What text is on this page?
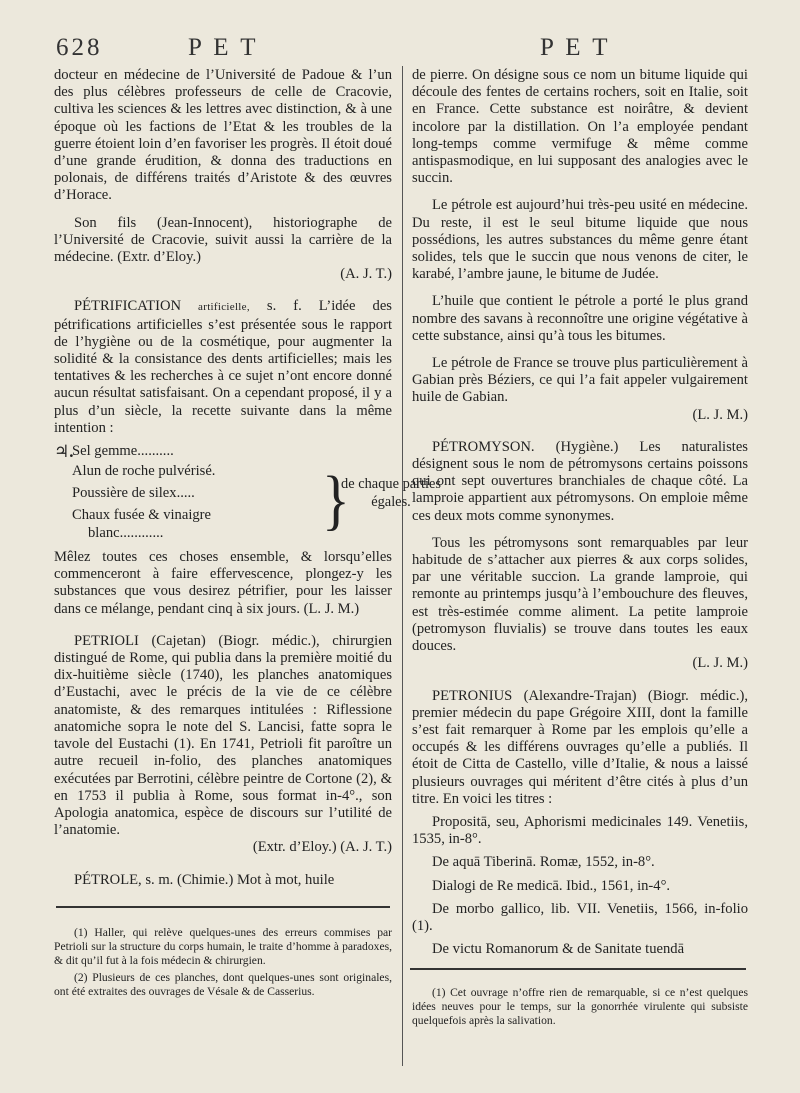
628	P E T	P E T

docteur en médecine de l’Université de Padoue & l’un des plus célèbres professeurs de celle de Cracovie, cultiva les sciences & les lettres avec distinction, & à une époque où les factions de l’Etat & les troubles de la guerre étoient loin d’en favoriser les progrès. Il étoit doué d’une grande érudition, & donna des traductions en polonais, de différens traités d’Aristote & des œuvres d’Horace.

Son fils (Jean-Innocent), historiographe de l’Université de Cracovie, suivit aussi la carrière de la médecine. (Extr. d’Eloy.)

(A. J. T.)

PÉTRIFICATION artificielle, s. f. L’idée des pétrifications artificielles s’est présentée sous le rapport de l’hygiène ou de la cosmétique, pour augmenter la solidité & la consistance des dents artificielles; mais les tentatives & les recherches à ce sujet n’ont encore donné aucun résultat satisfaisant. On a cependant proposé, il y a plus d’un siècle, la recette suivante dans la même intention :

♃.
Sel gemme..........
Alun de roche pulvérisé.
Poussière de silex.....
Chaux fusée & vinaigre
blanc............	}
de chaque parties égales.

Mêlez toutes ces choses ensemble, & lorsqu’elles commenceront à faire effervescence, plongez-y les substances que vous desirez pétrifier, pour les laisser dans ce mélange, pendant cinq à six jours. (L. J. M.)

PETRIOLI (Cajetan) (Biogr. médic.), chirurgien distingué de Rome, qui publia dans la première moitié du dix-huitième siècle (1740), les planches anatomiques d’Eustachi, avec le précis de la vie de ce célèbre anatomiste, & des remarques intitulées : Riflessione anatomiche sopra le note del S. Lancisi, fatte sopra le tavole del Eustachi (1). En 1741, Petrioli fit paroître un autre recueil in-folio, des planches anatomiques exécutées par Berrotini, célèbre peintre de Cortone (2), & en 1753 il publia à Rome, sous format in-4°., son Apologia anatomica, espèce de discours sur l’utilité de l’anatomie.

(Extr. d’Eloy.) (A. J. T.)

PÉTROLE, s. m. (Chimie.) Mot à mot, huile

(1) Haller, qui relève quelques-unes des erreurs commises par Petrioli sur la structure du corps humain, le traite d’homme à paradoxes, & dit qu’il fut à la fois médecin & chirurgien.

(2) Plusieurs de ces planches, dont quelques-unes sont originales, ont été extraites des ouvrages de Vésale & de Casserius.

de pierre. On désigne sous ce nom un bitume liquide qui découle des fentes de certains rochers, soit en Italie, soit en France. Cette substance est noirâtre, & devient incolore par la distillation. On l’a employée pendant long-temps comme vermifuge & même comme antispasmodique, en lui supposant des analogies avec le succin.

Le pétrole est aujourd’hui très-peu usité en médecine. Du reste, il est le seul bitume liquide que nous possédions, les autres substances du même genre étant solides, tels que le succin que nous venons de citer, le karabé, l’ambre jaune, le bitume de Judée.

L’huile que contient le pétrole a porté le plus grand nombre des savans à reconnoître une origine végétative à cette substance, ainsi qu’à tous les bitumes.

Le pétrole de France se trouve plus particulièrement à Gabian près Béziers, ce qui l’a fait appeler vulgairement huile de Gabian.

(L. J. M.)

PÉTROMYSON. (Hygiène.) Les naturalistes désignent sous le nom de pétromysons certains poissons qui ont sept ouvertures branchiales de chaque côté. La lamproie appartient aux pétromysons. On emploie même ces deux mots comme synonymes.

Tous les pétromysons sont remarquables par leur habitude de s’attacher aux pierres & aux corps solides, par une véritable succion. La grande lamproie, qui remonte au printemps jusqu’à l’embouchure des fleuves, est très-estimée comme aliment. La petite lamproie (petromyson fluvialis) se trouve dans toutes les eaux douces.

(L. J. M.)

PETRONIUS (Alexandre-Trajan) (Biogr. médic.), premier médecin du pape Grégoire XIII, dont la famille s’est fait remarquer à Rome par les emplois qu’elle a occupés & les différens ouvrages qu’elle a publiés. Il étoit de Citta de Castello, ville d’Italie, & nous a laissé plusieurs ouvrages qui méritent d’être cités à plus d’un titre. En voici les titres :

Propositā, seu, Aphorismi medicinales 149. Venetiis, 1535, in-8°.

De aquā Tiberinā. Romæ, 1552, in-8°.

Dialogi de Re medicā. Ibid., 1561, in-4°.

De morbo gallico, lib. VII. Venetiis, 1566, in-folio (1).

De victu Romanorum & de Sanitate tuendā

(1) Cet ouvrage n’offre rien de remarquable, si ce n’est quelques idées neuves pour le temps, sur la gonorrhée virulente qui subsiste quelquefois après la salivation.
